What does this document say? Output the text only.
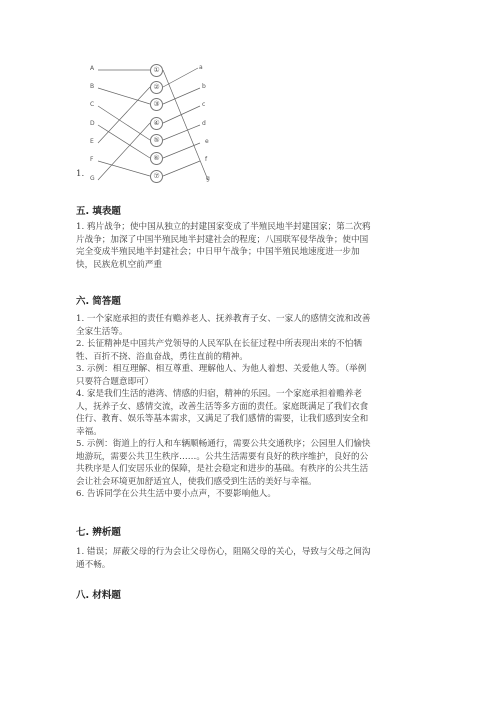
A
B
C
D
E
F
G
①
②
③
④
⑤
⑥
⑦
a
b
c
d
e
f
g
1.
五. 填表题

1. 鸦片战争；使中国从独立的封建国家变成了半殖民地半封建国家；第二次鸦
片战争；加深了中国半殖民地半封建社会的程度；八国联军侵华战争；使中国
完全变成半殖民地半封建社会；中日甲午战争；中国半殖民地速度进一步加
快，民族危机空前严重

六. 简答题

1. 一个家庭承担的责任有赡养老人、抚养教育子女、一家人的感情交流和改善
全家生活等。
2. 长征精神是中国共产党领导的人民军队在长征过程中所表现出来的不怕牺
牲、百折不挠、浴血奋战，勇往直前的精神。
3. 示例：相互理解、相互尊重、理解他人、为他人着想、关爱他人等。（举例
只要符合题意即可）
4. 家是我们生活的港湾、情感的归宿，精神的乐园。一个家庭承担着赡养老
人，抚养子女、感情交流，改善生活等多方面的责任。家庭既满足了我们衣食
住行、教育、娱乐等基本需求，又满足了我们感情的需要，让我们感到安全和
幸福。
5. 示例：街道上的行人和车辆顺畅通行，需要公共交通秩序；公园里人们愉快
地游玩，需要公共卫生秩序……。公共生活需要有良好的秩序维护，良好的公
共秩序是人们安居乐业的保障，是社会稳定和进步的基础。有秩序的公共生活
会让社会环境更加舒适宜人，使我们感受到生活的美好与幸福。
6. 告诉同学在公共生活中要小点声，不要影响他人。

七. 辨析题

1. 错误；屏蔽父母的行为会让父母伤心，阻隔父母的关心，导致与父母之间沟
通不畅。

八. 材料题
